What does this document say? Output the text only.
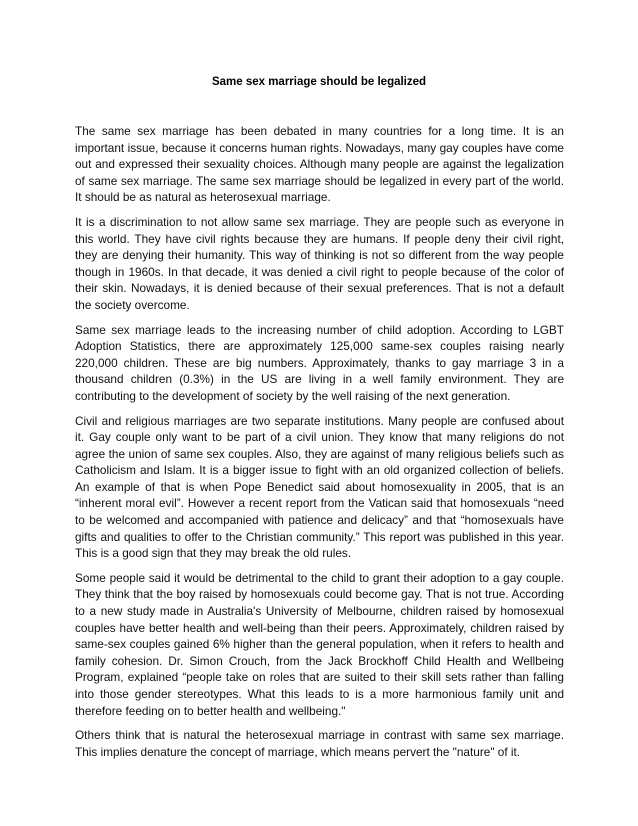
Same sex marriage should be legalized

The same sex marriage has been debated in many countries for a long time. It is an important issue, because it concerns human rights. Nowadays, many gay couples have come out and expressed their sexuality choices. Although many people are against the legalization of same sex marriage. The same sex marriage should be legalized in every part of the world. It should be as natural as heterosexual marriage.

It is a discrimination to not allow same sex marriage. They are people such as everyone in this world. They have civil rights because they are humans. If people deny their civil right, they are denying their humanity. This way of thinking is not so different from the way people though in 1960s. In that decade, it was denied a civil right to people because of the color of their skin. Nowadays, it is denied because of their sexual preferences. That is not a default the society overcome.

Same sex marriage leads to the increasing number of child adoption. According to LGBT Adoption Statistics, there are approximately 125,000 same-sex couples raising nearly 220,000 children. These are big numbers. Approximately, thanks to gay marriage 3 in a thousand children (0.3%) in the US are living in a well family environment. They are contributing to the development of society by the well raising of the next generation.

Civil and religious marriages are two separate institutions. Many people are confused about it. Gay couple only want to be part of a civil union. They know that many religions do not agree the union of same sex couples. Also, they are against of many religious beliefs such as Catholicism and Islam. It is a bigger issue to fight with an old organized collection of beliefs. An example of that is when Pope Benedict said about homosexuality in 2005, that is an “inherent moral evil”. However a recent report from the Vatican said that homosexuals “need to be welcomed and accompanied with patience and delicacy” and that “homosexuals have gifts and qualities to offer to the Christian community.” This report was published in this year. This is a good sign that they may break the old rules.

Some people said it would be detrimental to the child to grant their adoption to a gay couple. They think that the boy raised by homosexuals could become gay. That is not true. According to a new study made in Australia's University of Melbourne, children raised by homosexual couples have better health and well-being than their peers. Approximately, children raised by same-sex couples gained 6% higher than the general population, when it refers to health and family cohesion. Dr. Simon Crouch, from the Jack Brockhoff Child Health and Wellbeing Program, explained “people take on roles that are suited to their skill sets rather than falling into those gender stereotypes. What this leads to is a more harmonious family unit and therefore feeding on to better health and wellbeing."

Others think that is natural the heterosexual marriage in contrast with same sex marriage. This implies denature the concept of marriage, which means pervert the "nature" of it.
